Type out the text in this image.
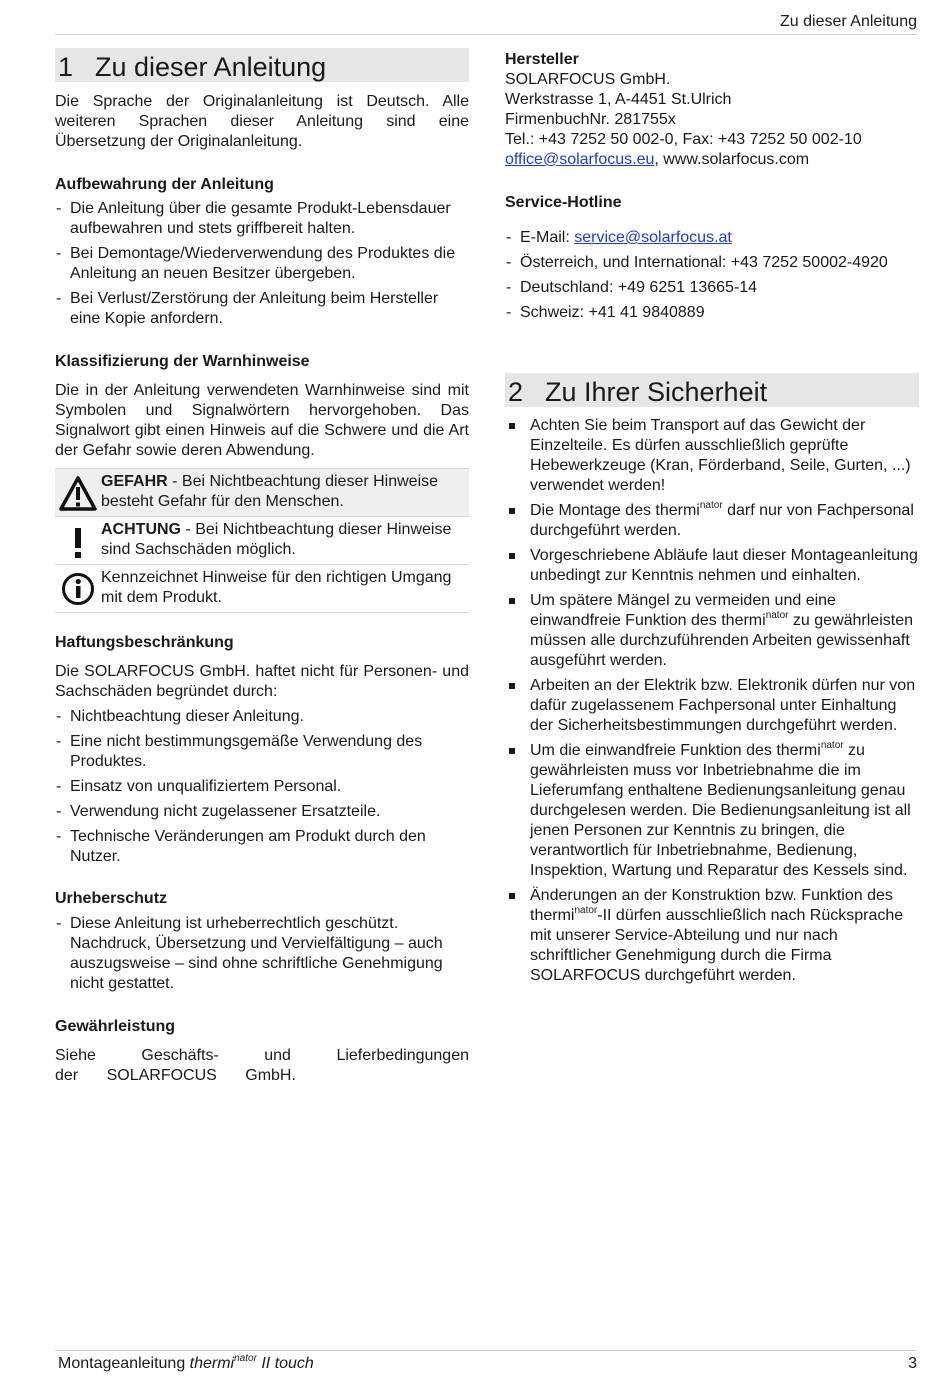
Zu dieser Anleitung
1 Zu dieser Anleitung

Die Sprache der Originalanleitung ist Deutsch. Alle weiteren Sprachen dieser Anleitung sind eine Übersetzung der Originalanleitung.

Aufbewahrung der Anleitung
- Die Anleitung über die gesamte Produkt-Lebensdauer aufbewahren und stets griffbereit halten.
- Bei Demontage/Wiederverwendung des Produktes die Anleitung an neuen Besitzer übergeben.
- Bei Verlust/Zerstörung der Anleitung beim Hersteller eine Kopie anfordern.
Klassifizierung der Warnhinweise

Die in der Anleitung verwendeten Warnhinweise sind mit Symbolen und Signalwörtern hervorgehoben. Das Signalwort gibt einen Hinweis auf die Schwere und die Art der Gefahr sowie deren Abwendung.

GEFAHR - Bei Nichtbeachtung dieser Hinweise besteht Gefahr für den Menschen.
ACHTUNG - Bei Nichtbeachtung dieser Hinweise sind Sachschäden möglich.
Kennzeichnet Hinweise für den richtigen Umgang mit dem Produkt.
Haftungsbeschränkung

Die SOLARFOCUS GmbH. haftet nicht für Personen- und Sachschäden begründet durch:

- Nichtbeachtung dieser Anleitung.
- Eine nicht bestimmungsgemäße Verwendung des Produktes.
- Einsatz von unqualifiziertem Personal.
- Verwendung nicht zugelassener Ersatzteile.
- Technische Veränderungen am Produkt durch den Nutzer.
Urheberschutz
- Diese Anleitung ist urheberrechtlich geschützt. Nachdruck, Übersetzung und Vervielfältigung – auch auszugsweise – sind ohne schriftliche Genehmigung nicht gestattet.
Gewährleistung

Siehe Geschäfts- und Lieferbedingungen der SOLARFOCUS GmbH.

Hersteller

SOLARFOCUS GmbH.

Werkstrasse 1, A-4451 St.Ulrich

FirmenbuchNr. 281755x

Tel.: +43 7252 50 002-0, Fax: +43 7252 50 002-10

office@solarfocus.eu, www.solarfocus.com

Service-Hotline
- E-Mail: service@solarfocus.at
- Österreich, und International: +43 7252 50002-4920
- Deutschland: +49 6251 13665-14
- Schweiz: +41 41 9840889
2 Zu Ihrer Sicherheit
Achten Sie beim Transport auf das Gewicht der Einzelteile. Es dürfen ausschließlich geprüfte Hebewerkzeuge (Kran, Förderband, Seile, Gurten, ...) verwendet werden!
Die Montage des thermi$^{nator}$ darf nur von Fachpersonal durchgeführt werden.
Vorgeschriebene Abläufe laut dieser Montageanleitung unbedingt zur Kenntnis nehmen und einhalten.
Um spätere Mängel zu vermeiden und eine einwandfreie Funktion des thermi$^{nator}$ zu gewährleisten müssen alle durchzuführenden Arbeiten gewissenhaft ausgeführt werden.
Arbeiten an der Elektrik bzw. Elektronik dürfen nur von dafür zugelassenem Fachpersonal unter Einhaltung der Sicherheitsbestimmungen durchgeführt werden.
Um die einwandfreie Funktion des thermi$^{nator}$ zu gewährleisten muss vor Inbetriebnahme die im Lieferumfang enthaltene Bedienungsanleitung genau durchgelesen werden. Die Bedienungsanleitung ist all jenen Personen zur Kenntnis zu bringen, die verantwortlich für Inbetriebnahme, Bedienung, Inspektion, Wartung und Reparatur des Kessels sind.
Änderungen an der Konstruktion bzw. Funktion des thermi$^{nator}$-II dürfen ausschließlich nach Rücksprache mit unserer Service-Abteilung und nur nach schriftlicher Genehmigung durch die Firma SOLARFOCUS durchgeführt werden.
Montageanleitung thermi$^{nator}$ II touch	3
